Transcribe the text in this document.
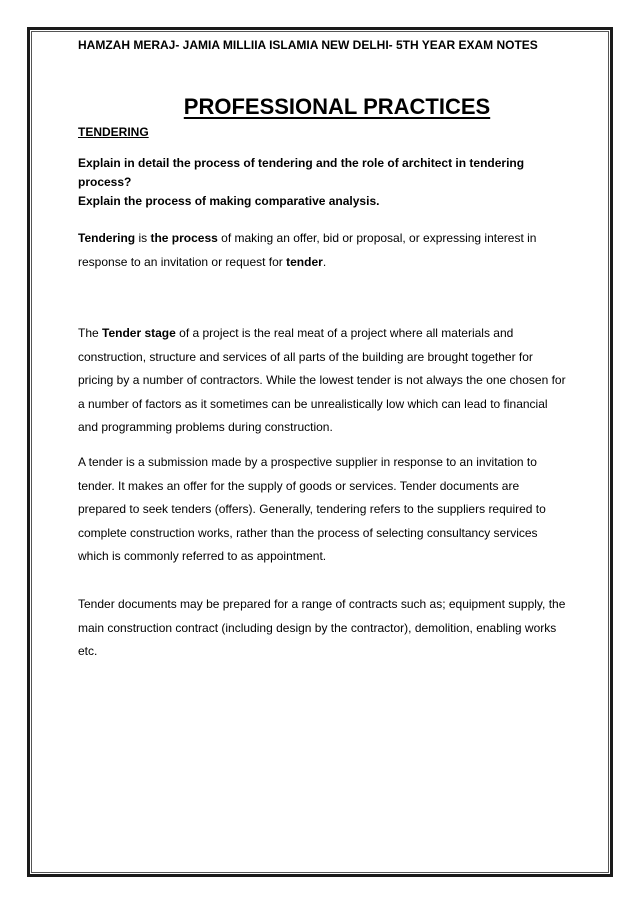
HAMZAH MERAJ- JAMIA MILLIIA ISLAMIA NEW DELHI- 5TH YEAR EXAM NOTES

PROFESSIONAL PRACTICES

TENDERING

Explain in detail the process of tendering and the role of architect in tendering process?
Explain the process of making comparative analysis.

Tendering is the process of making an offer, bid or proposal, or expressing interest in response to an invitation or request for tender.

The Tender stage of a project is the real meat of a project where all materials and construction, structure and services of all parts of the building are brought together for pricing by a number of contractors. While the lowest tender is not always the one chosen for a number of factors as it sometimes can be unrealistically low which can lead to financial and programming problems during construction.

A tender is a submission made by a prospective supplier in response to an invitation to tender. It makes an offer for the supply of goods or services. Tender documents are prepared to seek tenders (offers). Generally, tendering refers to the suppliers required to complete construction works, rather than the process of selecting consultancy services which is commonly referred to as appointment.

Tender documents may be prepared for a range of contracts such as; equipment supply, the main construction contract (including design by the contractor), demolition, enabling works etc.
